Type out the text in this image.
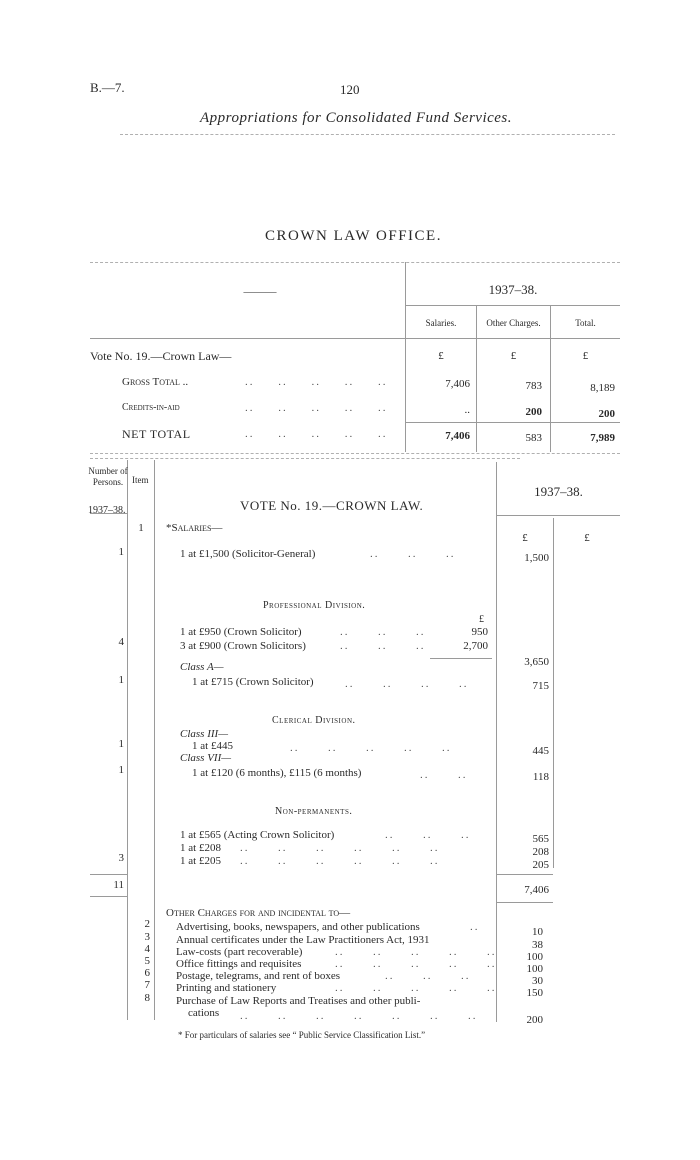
B.—7.	120
Appropriations for Consolidated Fund Services.
CROWN LAW OFFICE.
———	1937–38.
Salaries.	Other Charges.	Total.
Vote No. 19.—Crown Law—	£	£	£
Gross Total ..	..     ..     ..     ..     ..	7,406	783	8,189
Credits-in-aid	..     ..     ..     ..     ..	..	200	200
NET TOTAL	..     ..     ..     ..     ..	7,406	583	7,989
Number of Persons. Item
VOTE No. 19.—CROWN LAW.
1937–38.
1937–38.
1	*Salaries—
£	£
1	1 at £1,500 (Solicitor-General)	..      ..      ..	1,500
Professional Division.
£
1 at £950 (Crown Solicitor)	..      ..      ..	950
4	3 at £900 (Crown Solicitors)	..      ..      ..	2,700
3,650
Class A—
1	1 at £715 (Crown Solicitor)	..      ..      ..      ..	715
Clerical Division.
Class III—
1	1 at £445	..      ..      ..      ..      ..	445
Class VII—
1	1 at £120 (6 months), £115 (6 months)	..      ..	118
Non-permanents.
1 at £565 (Acting Crown Solicitor)	..      ..      ..	565
1 at £208 ..      ..      ..      ..      ..      ..	208
3	1 at £205 ..      ..      ..      ..      ..      ..	205
11	7,406
Other Charges for and incidental to—
2 Advertising, books, newspapers, and other publications	..	10
3 Annual certificates under the Law Practitioners Act, 1931	38
4 Law-costs (part recoverable)	..      ..      ..      ..      ..	100
5 Office fittings and requisites	..      ..      ..      ..      ..	100
6 Postage, telegrams, and rent of boxes	..      ..      ..	30
7 Printing and stationery	..      ..      ..      ..      ..	150
8 Purchase of Law Reports and Treatises and other publi-
cations ..      ..      ..      ..      ..      ..      ..	200
* For particulars of salaries see “ Public Service Classification List.”
